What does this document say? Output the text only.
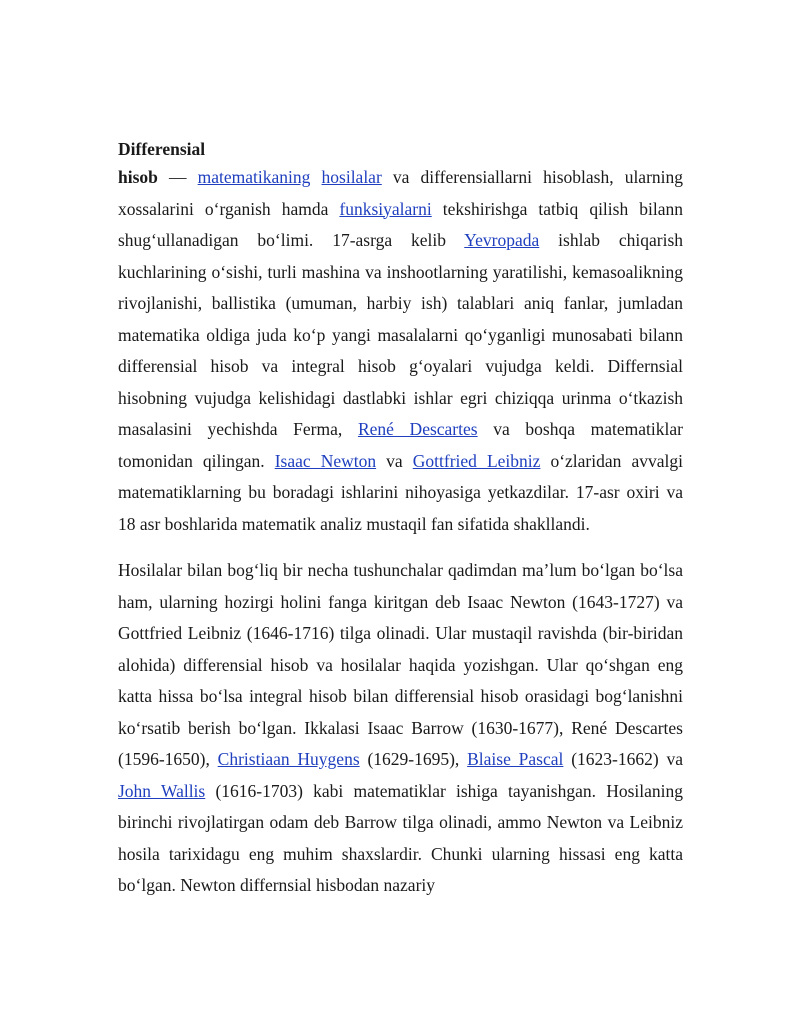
Differensial

hisob — matematikaning hosilalar va differensiallarni hisoblash, ularning xossalarini oʻrganish hamda funksiyalarni tekshirishga tatbiq qilish bilann shugʻullanadigan boʻlimi. 17-asrga kelib Yevropada ishlab chiqarish kuchlarining oʻsishi, turli mashina va inshootlarning yaratilishi, kemasoalikning rivojlanishi, ballistika (umuman, harbiy ish) talablari aniq fanlar, jumladan matematika oldiga juda koʻp yangi masalalarni qoʻyganligi munosabati bilann differensial hisob va integral hisob gʻoyalari vujudga keldi. Differnsial hisobning vujudga kelishidagi dastlabki ishlar egri chiziqqa urinma oʻtkazish masalasini yechishda Ferma, René Descartes va boshqa matematiklar tomonidan qilingan. Isaac Newton va Gottfried Leibniz oʻzlaridan avvalgi matematiklarning bu boradagi ishlarini nihoyasiga yetkazdilar. 17-asr oxiri va 18 asr boshlarida matematik analiz mustaqil fan sifatida shakllandi.

Hosilalar bilan bogʻliq bir necha tushunchalar qadimdan maʼlum boʻlgan boʻlsa ham, ularning hozirgi holini fanga kiritgan deb Isaac Newton (1643-1727) va Gottfried Leibniz (1646-1716) tilga olinadi. Ular mustaqil ravishda (bir-biridan alohida) differensial hisob va hosilalar haqida yozishgan. Ular qoʻshgan eng katta hissa boʻlsa integral hisob bilan differensial hisob orasidagi bogʻlanishni koʻrsatib berish boʻlgan. Ikkalasi Isaac Barrow (1630-1677), René Descartes (1596-1650), Christiaan Huygens (1629-1695), Blaise Pascal (1623-1662) va John Wallis (1616-1703) kabi matematiklar ishiga tayanishgan. Hosilaning birinchi rivojlatirgan odam deb Barrow tilga olinadi, ammo Newton va Leibniz hosila tarixidagu eng muhim shaxslardir. Chunki ularning hissasi eng katta boʻlgan. Newton differnsial hisbodan nazariy
